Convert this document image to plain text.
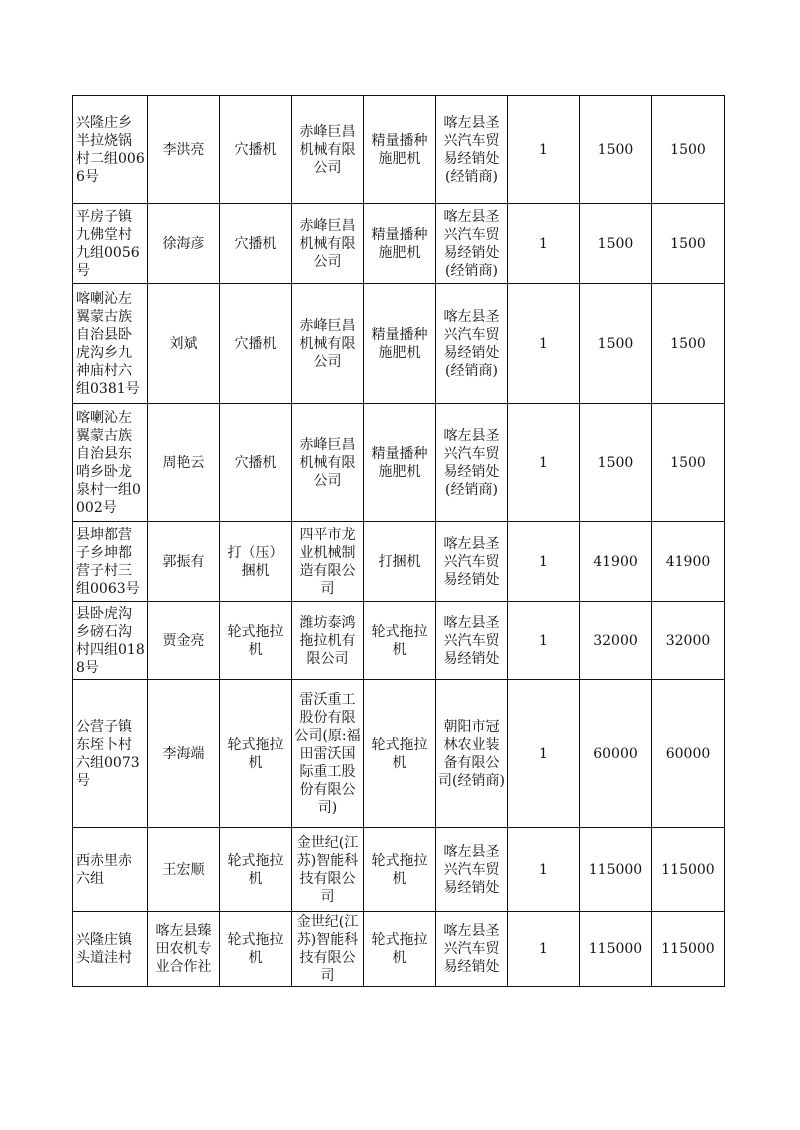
兴隆庄乡半拉烧锅村二组0066号	李洪亮	穴播机	赤峰巨昌机械有限公司	精量播种施肥机	喀左县圣兴汽车贸易经销处(经销商)	1	1500	1500
平房子镇九佛堂村九组0056号	徐海彦	穴播机	赤峰巨昌机械有限公司	精量播种施肥机	喀左县圣兴汽车贸易经销处(经销商)	1	1500	1500
喀喇沁左翼蒙古族自治县卧虎沟乡九神庙村六组0381号	刘斌	穴播机	赤峰巨昌机械有限公司	精量播种施肥机	喀左县圣兴汽车贸易经销处(经销商)	1	1500	1500
喀喇沁左翼蒙古族自治县东哨乡卧龙泉村一组0002号	周艳云	穴播机	赤峰巨昌机械有限公司	精量播种施肥机	喀左县圣兴汽车贸易经销处(经销商)	1	1500	1500
县坤都营子乡坤都营子村三组0063号	郭振有	打（压）捆机	四平市龙业机械制造有限公司	打捆机	喀左县圣兴汽车贸易经销处	1	41900	41900
县卧虎沟乡磅石沟村四组0188号	贾金亮	轮式拖拉机	潍坊泰鸿拖拉机有限公司	轮式拖拉机	喀左县圣兴汽车贸易经销处	1	32000	32000
公营子镇东垤卜村六组0073号	李海端	轮式拖拉机	雷沃重工股份有限公司(原:福田雷沃国际重工股份有限公司)	轮式拖拉机	朝阳市冠林农业装备有限公司(经销商)	1	60000	60000
西赤里赤六组	王宏顺	轮式拖拉机	金世纪(江苏)智能科技有限公司	轮式拖拉机	喀左县圣兴汽车贸易经销处	1	115000	115000
兴隆庄镇头道洼村	喀左县臻田农机专业合作社	轮式拖拉机	金世纪(江苏)智能科技有限公司	轮式拖拉机	喀左县圣兴汽车贸易经销处	1	115000	115000
